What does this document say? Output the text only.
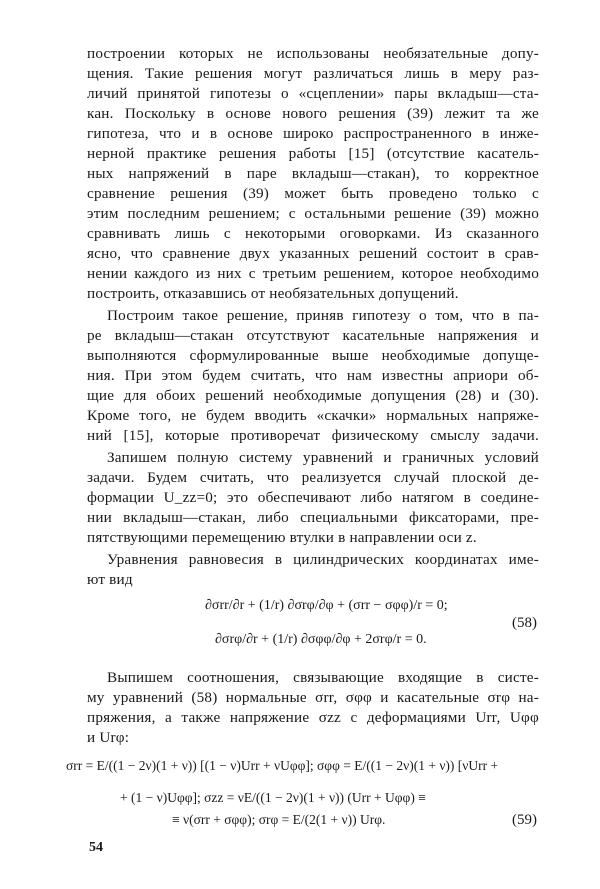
построении которых не использованы необязательные допу-
щения. Такие решения могут различаться лишь в меру раз-
личий принятой гипотезы о «сцеплении» пары вкладыш—ста-
кан. Поскольку в основе нового решения (39) лежит та же
гипотеза, что и в основе широко распространенного в инже-
нерной практике решения работы [15] (отсутствие касатель-
ных напряжений в паре вкладыш—стакан), то корректное
сравнение решения (39) может быть проведено только с
этим последним решением; с остальными решение (39) можно
сравнивать лишь с некоторыми оговорками. Из сказанного
ясно, что сравнение двух указанных решений состоит в срав-
нении каждого из них с третьим решением, которое необходимо
построить, отказавшись от необязательных допущений.
Построим такое решение, приняв гипотезу о том, что в па-
ре вкладыш—стакан отсутствуют касательные напряжения и
выполняются сформулированные выше необходимые допуще-
ния. При этом будем считать, что нам известны априори об-
щие для обоих решений необходимые допущения (28) и (30).
Кроме того, не будем вводить «скачки» нормальных напряже-
ний [15], которые противоречат физическому смыслу задачи.
Запишем полную систему уравнений и граничных условий
задачи. Будем считать, что реализуется случай плоской де-
формации U_zz=0; это обеспечивают либо натягом в соедине-
нии вкладыш—стакан, либо специальными фиксаторами, пре-
пятствующими перемещению втулки в направлении оси z.
Уравнения равновесия в цилиндрических координатах име-
ют вид
∂σrr/∂r + (1/r) ∂σrφ/∂φ + (σrr − σφφ)/r = 0;
∂σrφ/∂r + (1/r) ∂σφφ/∂φ + 2σrφ/r = 0.
(58)
Выпишем соотношения, связывающие входящие в систе-
му уравнений (58) нормальные σrr, σφφ и касательные σrφ на-
пряжения, а также напряжение σzz с деформациями Urr, Uφφ
и Urφ:
σrr = E/((1 − 2ν)(1 + ν)) [(1 − ν)Urr + νUφφ]; σφφ = E/((1 − 2ν)(1 + ν)) [νUrr +
+ (1 − ν)Uφφ]; σzz = νE/((1 − 2ν)(1 + ν)) (Urr + Uφφ) ≡
≡ ν(σrr + σφφ); σrφ = E/(2(1 + ν)) Urφ.	(59)
54
